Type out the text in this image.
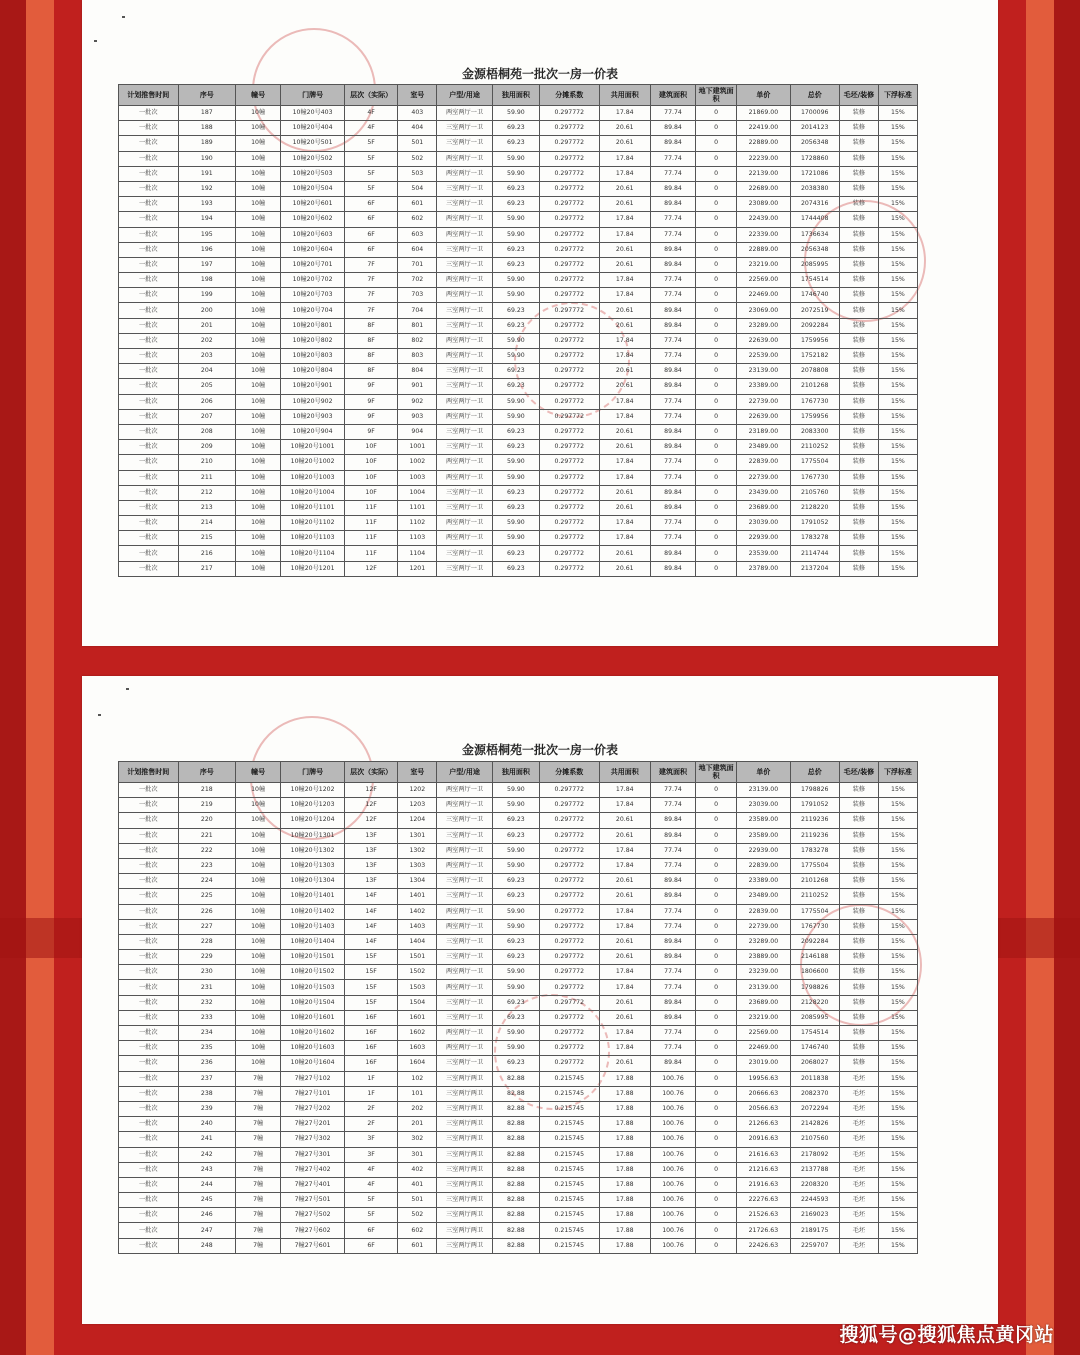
金源梧桐苑一批次一房一价表
计划推售时间	序号	幢号	门牌号	层次（实际）	室号	户型/用途	独用面积	分摊系数	共用面积	建筑面积	地下建筑面积	单价	总价	毛坯/装修	下浮标准
一批次	187	10幢	10幢20号403	4F	403	两室两厅一卫	59.90	0.297772	17.84	77.74	0	21869.00	1700096	装修	15%
一批次	188	10幢	10幢20号404	4F	404	三室两厅一卫	69.23	0.297772	20.61	89.84	0	22419.00	2014123	装修	15%
一批次	189	10幢	10幢20号501	5F	501	三室两厅一卫	69.23	0.297772	20.61	89.84	0	22889.00	2056348	装修	15%
一批次	190	10幢	10幢20号502	5F	502	两室两厅一卫	59.90	0.297772	17.84	77.74	0	22239.00	1728860	装修	15%
一批次	191	10幢	10幢20号503	5F	503	两室两厅一卫	59.90	0.297772	17.84	77.74	0	22139.00	1721086	装修	15%
一批次	192	10幢	10幢20号504	5F	504	三室两厅一卫	69.23	0.297772	20.61	89.84	0	22689.00	2038380	装修	15%
一批次	193	10幢	10幢20号601	6F	601	三室两厅一卫	69.23	0.297772	20.61	89.84	0	23089.00	2074316	装修	15%
一批次	194	10幢	10幢20号602	6F	602	两室两厅一卫	59.90	0.297772	17.84	77.74	0	22439.00	1744408	装修	15%
一批次	195	10幢	10幢20号603	6F	603	两室两厅一卫	59.90	0.297772	17.84	77.74	0	22339.00	1736634	装修	15%
一批次	196	10幢	10幢20号604	6F	604	三室两厅一卫	69.23	0.297772	20.61	89.84	0	22889.00	2056348	装修	15%
一批次	197	10幢	10幢20号701	7F	701	三室两厅一卫	69.23	0.297772	20.61	89.84	0	23219.00	2085995	装修	15%
一批次	198	10幢	10幢20号702	7F	702	两室两厅一卫	59.90	0.297772	17.84	77.74	0	22569.00	1754514	装修	15%
一批次	199	10幢	10幢20号703	7F	703	两室两厅一卫	59.90	0.297772	17.84	77.74	0	22469.00	1746740	装修	15%
一批次	200	10幢	10幢20号704	7F	704	三室两厅一卫	69.23	0.297772	20.61	89.84	0	23069.00	2072519	装修	15%
一批次	201	10幢	10幢20号801	8F	801	三室两厅一卫	69.23	0.297772	20.61	89.84	0	23289.00	2092284	装修	15%
一批次	202	10幢	10幢20号802	8F	802	两室两厅一卫	59.90	0.297772	17.84	77.74	0	22639.00	1759956	装修	15%
一批次	203	10幢	10幢20号803	8F	803	两室两厅一卫	59.90	0.297772	17.84	77.74	0	22539.00	1752182	装修	15%
一批次	204	10幢	10幢20号804	8F	804	三室两厅一卫	69.23	0.297772	20.61	89.84	0	23139.00	2078808	装修	15%
一批次	205	10幢	10幢20号901	9F	901	三室两厅一卫	69.23	0.297772	20.61	89.84	0	23389.00	2101268	装修	15%
一批次	206	10幢	10幢20号902	9F	902	两室两厅一卫	59.90	0.297772	17.84	77.74	0	22739.00	1767730	装修	15%
一批次	207	10幢	10幢20号903	9F	903	两室两厅一卫	59.90	0.297772	17.84	77.74	0	22639.00	1759956	装修	15%
一批次	208	10幢	10幢20号904	9F	904	三室两厅一卫	69.23	0.297772	20.61	89.84	0	23189.00	2083300	装修	15%
一批次	209	10幢	10幢20号1001	10F	1001	三室两厅一卫	69.23	0.297772	20.61	89.84	0	23489.00	2110252	装修	15%
一批次	210	10幢	10幢20号1002	10F	1002	两室两厅一卫	59.90	0.297772	17.84	77.74	0	22839.00	1775504	装修	15%
一批次	211	10幢	10幢20号1003	10F	1003	两室两厅一卫	59.90	0.297772	17.84	77.74	0	22739.00	1767730	装修	15%
一批次	212	10幢	10幢20号1004	10F	1004	三室两厅一卫	69.23	0.297772	20.61	89.84	0	23439.00	2105760	装修	15%
一批次	213	10幢	10幢20号1101	11F	1101	三室两厅一卫	69.23	0.297772	20.61	89.84	0	23689.00	2128220	装修	15%
一批次	214	10幢	10幢20号1102	11F	1102	两室两厅一卫	59.90	0.297772	17.84	77.74	0	23039.00	1791052	装修	15%
一批次	215	10幢	10幢20号1103	11F	1103	两室两厅一卫	59.90	0.297772	17.84	77.74	0	22939.00	1783278	装修	15%
一批次	216	10幢	10幢20号1104	11F	1104	三室两厅一卫	69.23	0.297772	20.61	89.84	0	23539.00	2114744	装修	15%
一批次	217	10幢	10幢20号1201	12F	1201	三室两厅一卫	69.23	0.297772	20.61	89.84	0	23789.00	2137204	装修	15%
金源梧桐苑一批次一房一价表
计划推售时间	序号	幢号	门牌号	层次（实际）	室号	户型/用途	独用面积	分摊系数	共用面积	建筑面积	地下建筑面积	单价	总价	毛坯/装修	下浮标准
一批次	218	10幢	10幢20号1202	12F	1202	两室两厅一卫	59.90	0.297772	17.84	77.74	0	23139.00	1798826	装修	15%
一批次	219	10幢	10幢20号1203	12F	1203	两室两厅一卫	59.90	0.297772	17.84	77.74	0	23039.00	1791052	装修	15%
一批次	220	10幢	10幢20号1204	12F	1204	三室两厅一卫	69.23	0.297772	20.61	89.84	0	23589.00	2119236	装修	15%
一批次	221	10幢	10幢20号1301	13F	1301	三室两厅一卫	69.23	0.297772	20.61	89.84	0	23589.00	2119236	装修	15%
一批次	222	10幢	10幢20号1302	13F	1302	两室两厅一卫	59.90	0.297772	17.84	77.74	0	22939.00	1783278	装修	15%
一批次	223	10幢	10幢20号1303	13F	1303	两室两厅一卫	59.90	0.297772	17.84	77.74	0	22839.00	1775504	装修	15%
一批次	224	10幢	10幢20号1304	13F	1304	三室两厅一卫	69.23	0.297772	20.61	89.84	0	23389.00	2101268	装修	15%
一批次	225	10幢	10幢20号1401	14F	1401	三室两厅一卫	69.23	0.297772	20.61	89.84	0	23489.00	2110252	装修	15%
一批次	226	10幢	10幢20号1402	14F	1402	两室两厅一卫	59.90	0.297772	17.84	77.74	0	22839.00	1775504	装修	15%
一批次	227	10幢	10幢20号1403	14F	1403	两室两厅一卫	59.90	0.297772	17.84	77.74	0	22739.00	1767730	装修	15%
一批次	228	10幢	10幢20号1404	14F	1404	三室两厅一卫	69.23	0.297772	20.61	89.84	0	23289.00	2092284	装修	15%
一批次	229	10幢	10幢20号1501	15F	1501	三室两厅一卫	69.23	0.297772	20.61	89.84	0	23889.00	2146188	装修	15%
一批次	230	10幢	10幢20号1502	15F	1502	两室两厅一卫	59.90	0.297772	17.84	77.74	0	23239.00	1806600	装修	15%
一批次	231	10幢	10幢20号1503	15F	1503	两室两厅一卫	59.90	0.297772	17.84	77.74	0	23139.00	1798826	装修	15%
一批次	232	10幢	10幢20号1504	15F	1504	三室两厅一卫	69.23	0.297772	20.61	89.84	0	23689.00	2128220	装修	15%
一批次	233	10幢	10幢20号1601	16F	1601	三室两厅一卫	69.23	0.297772	20.61	89.84	0	23219.00	2085995	装修	15%
一批次	234	10幢	10幢20号1602	16F	1602	两室两厅一卫	59.90	0.297772	17.84	77.74	0	22569.00	1754514	装修	15%
一批次	235	10幢	10幢20号1603	16F	1603	两室两厅一卫	59.90	0.297772	17.84	77.74	0	22469.00	1746740	装修	15%
一批次	236	10幢	10幢20号1604	16F	1604	三室两厅一卫	69.23	0.297772	20.61	89.84	0	23019.00	2068027	装修	15%
一批次	237	7幢	7幢27号102	1F	102	三室两厅两卫	82.88	0.215745	17.88	100.76	0	19956.63	2011838	毛坯	15%
一批次	238	7幢	7幢27号101	1F	101	三室两厅两卫	82.88	0.215745	17.88	100.76	0	20666.63	2082370	毛坯	15%
一批次	239	7幢	7幢27号202	2F	202	三室两厅两卫	82.88	0.215745	17.88	100.76	0	20566.63	2072294	毛坯	15%
一批次	240	7幢	7幢27号201	2F	201	三室两厅两卫	82.88	0.215745	17.88	100.76	0	21266.63	2142826	毛坯	15%
一批次	241	7幢	7幢27号302	3F	302	三室两厅两卫	82.88	0.215745	17.88	100.76	0	20916.63	2107560	毛坯	15%
一批次	242	7幢	7幢27号301	3F	301	三室两厅两卫	82.88	0.215745	17.88	100.76	0	21616.63	2178092	毛坯	15%
一批次	243	7幢	7幢27号402	4F	402	三室两厅两卫	82.88	0.215745	17.88	100.76	0	21216.63	2137788	毛坯	15%
一批次	244	7幢	7幢27号401	4F	401	三室两厅两卫	82.88	0.215745	17.88	100.76	0	21916.63	2208320	毛坯	15%
一批次	245	7幢	7幢27号501	5F	501	三室两厅两卫	82.88	0.215745	17.88	100.76	0	22276.63	2244593	毛坯	15%
一批次	246	7幢	7幢27号502	5F	502	三室两厅两卫	82.88	0.215745	17.88	100.76	0	21526.63	2169023	毛坯	15%
一批次	247	7幢	7幢27号602	6F	602	三室两厅两卫	82.88	0.215745	17.88	100.76	0	21726.63	2189175	毛坯	15%
一批次	248	7幢	7幢27号601	6F	601	三室两厅两卫	82.88	0.215745	17.88	100.76	0	22426.63	2259707	毛坯	15%
搜狐号@搜狐焦点黄冈站
